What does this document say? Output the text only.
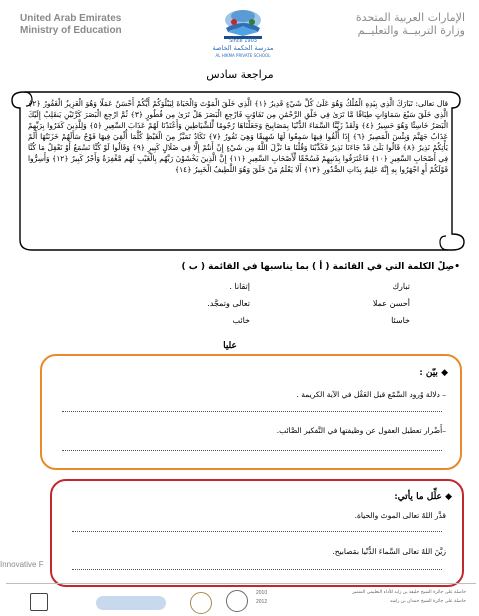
United Arab Emirates
Ministry of Education
الإمارات العربية المتحدة
وزارة التربيــة والتعليــم
Since 1903
مدرسة الحكمة الخاصة
AL HIKMA PRIVATE SCHOOL
مراجعة سادس
قال تعالى: تَبَارَكَ الَّذِي بِيَدِهِ الْمُلْكُ وَهُوَ عَلَىٰ كُلِّ شَيْءٍ قَدِيرٌ ﴿١﴾ الَّذِي خَلَقَ الْمَوْتَ وَالْحَيَاةَ لِيَبْلُوَكُمْ أَيُّكُمْ أَحْسَنُ عَمَلًا وَهُوَ الْعَزِيزُ الْغَفُورُ ﴿٢﴾ الَّذِي خَلَقَ سَبْعَ سَمَاوَاتٍ طِبَاقًا مَّا تَرَىٰ فِي خَلْقِ الرَّحْمَٰنِ مِن تَفَاوُتٍ فَارْجِعِ الْبَصَرَ هَلْ تَرَىٰ مِن فُطُورٍ ﴿٣﴾ ثُمَّ ارْجِعِ الْبَصَرَ كَرَّتَيْنِ يَنقَلِبْ إِلَيْكَ الْبَصَرُ خَاسِئًا وَهُوَ حَسِيرٌ ﴿٤﴾ وَلَقَدْ زَيَّنَّا السَّمَاءَ الدُّنْيَا بِمَصَابِيحَ وَجَعَلْنَاهَا رُجُومًا لِّلشَّيَاطِينِ وَأَعْتَدْنَا لَهُمْ عَذَابَ السَّعِيرِ ﴿٥﴾ وَلِلَّذِينَ كَفَرُوا بِرَبِّهِمْ عَذَابُ جَهَنَّمَ وَبِئْسَ الْمَصِيرُ ﴿٦﴾ إِذَا أُلْقُوا فِيهَا سَمِعُوا لَهَا شَهِيقًا وَهِيَ تَفُورُ ﴿٧﴾ تَكَادُ تَمَيَّزُ مِنَ الْغَيْظِ كُلَّمَا أُلْقِيَ فِيهَا فَوْجٌ سَأَلَهُمْ خَزَنَتُهَا أَلَمْ يَأْتِكُمْ نَذِيرٌ ﴿٨﴾ قَالُوا بَلَىٰ قَدْ جَاءَنَا نَذِيرٌ فَكَذَّبْنَا وَقُلْنَا مَا نَزَّلَ اللَّهُ مِن شَيْءٍ إِنْ أَنتُمْ إِلَّا فِي ضَلَالٍ كَبِيرٍ ﴿٩﴾ وَقَالُوا لَوْ كُنَّا نَسْمَعُ أَوْ نَعْقِلُ مَا كُنَّا فِي أَصْحَابِ السَّعِيرِ ﴿١٠﴾ فَاعْتَرَفُوا بِذَنبِهِمْ فَسُحْقًا لِّأَصْحَابِ السَّعِيرِ ﴿١١﴾ إِنَّ الَّذِينَ يَخْشَوْنَ رَبَّهُم بِالْغَيْبِ لَهُم مَّغْفِرَةٌ وَأَجْرٌ كَبِيرٌ ﴿١٢﴾ وَأَسِرُّوا قَوْلَكُمْ أَوِ اجْهَرُوا بِهِ إِنَّهُ عَلِيمٌ بِذَاتِ الصُّدُورِ ﴿١٣﴾ أَلَا يَعْلَمُ مَنْ خَلَقَ وَهُوَ اللَّطِيفُ الْخَبِيرُ ﴿١٤﴾
•صِلْ الكلمة التي في القائمة ( أ ) بما يناسبها في القائمة ( ب )
تبارك
أحسن عملا
خاسئا
إتقانا .
تعالى وتمجَّد.
خائب
عليا
◆ بيّن :
– دلالة وُرود السَّمْع قبل العَقْل في الآية الكريمة .
–أَضْرار تعطيل العقول عن وظيفتها في التَّفكير الصَّائب.
◆ علِّل ما يأتي:
قدَّر اللهُ تعالى الموتَ والحياة.
زيَّنَ اللهُ تعالى السَّماءَ الدُّنْيا بمَصابيح.
Innovative F
حاصلة على جائزة الشيخ خليفة بن زايد للأداء التعليمي المتميز
2010
حاصلة على جائزة الشيخ حمدان بن راشد
2012
